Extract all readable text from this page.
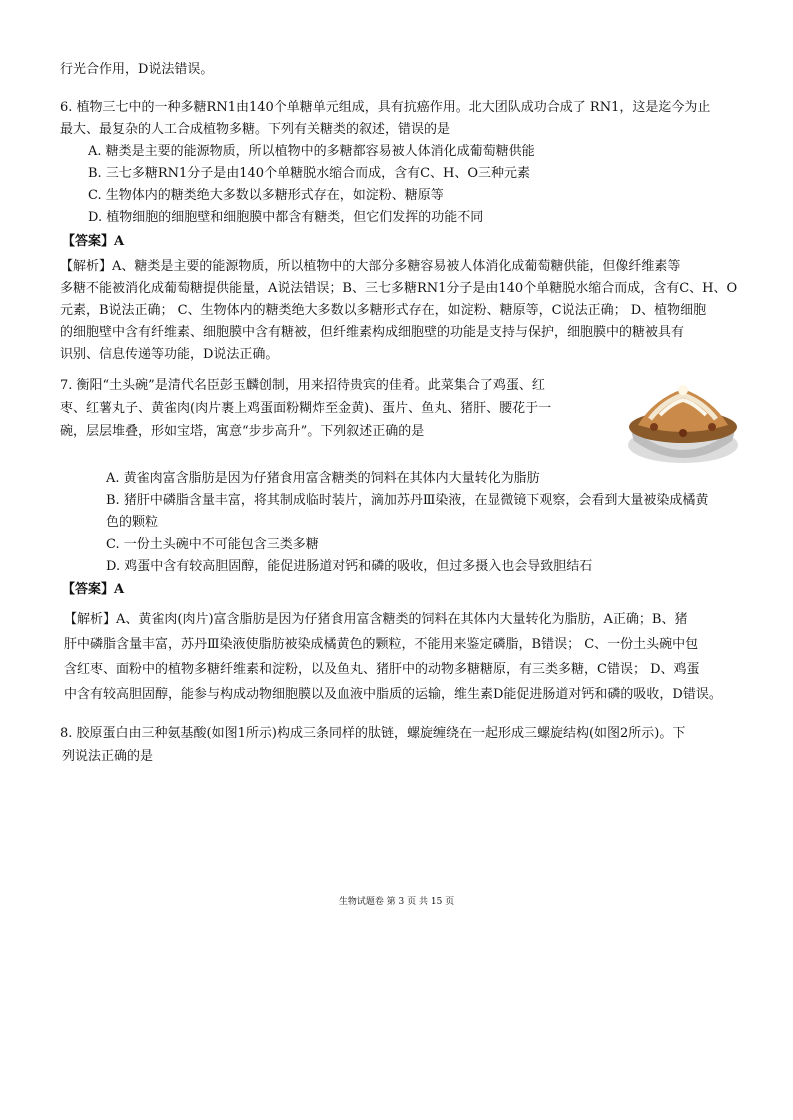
行光合作用，D说法错误。
6. 植物三七中的一种多糖RN1由140个单糖单元组成，具有抗癌作用。北大团队成功合成了 RN1，这是迄今为止
最大、最复杂的人工合成植物多糖。下列有关糖类的叙述，错误的是
A. 糖类是主要的能源物质，所以植物中的多糖都容易被人体消化成葡萄糖供能
B. 三七多糖RN1分子是由140个单糖脱水缩合而成，含有C、H、O三种元素
C. 生物体内的糖类绝大多数以多糖形式存在，如淀粉、糖原等
D. 植物细胞的细胞壁和细胞膜中都含有糖类，但它们发挥的功能不同
【答案】A
【解析】A、糖类是主要的能源物质，所以植物中的大部分多糖容易被人体消化成葡萄糖供能，但像纤维素等
多糖不能被消化成葡萄糖提供能量，A说法错误；B、三七多糖RN1分子是由140个单糖脱水缩合而成，含有C、H、O
元素，B说法正确； C、生物体内的糖类绝大多数以多糖形式存在，如淀粉、糖原等，C说法正确； D、植物细胞
的细胞壁中含有纤维素、细胞膜中含有糖被，但纤维素构成细胞壁的功能是支持与保护，细胞膜中的糖被具有
识别、信息传递等功能，D说法正确。
7. 衡阳“土头碗”是清代名臣彭玉麟创制，用来招待贵宾的佳肴。此菜集合了鸡蛋、红
枣、红薯丸子、黄雀肉(肉片裹上鸡蛋面粉糊炸至金黄)、蛋片、鱼丸、猪肝、腰花于一
碗，层层堆叠，形如宝塔，寓意“步步高升”。下列叙述正确的是
A. 黄雀肉富含脂肪是因为仔猪食用富含糖类的饲料在其体内大量转化为脂肪
B. 猪肝中磷脂含量丰富，将其制成临时装片，滴加苏丹Ⅲ染液，在显微镜下观察，会看到大量被染成橘黄
色的颗粒
C. 一份土头碗中不可能包含三类多糖
D. 鸡蛋中含有较高胆固醇，能促进肠道对钙和磷的吸收，但过多摄入也会导致胆结石
【答案】A
【解析】A、黄雀肉(肉片)富含脂肪是因为仔猪食用富含糖类的饲料在其体内大量转化为脂肪，A正确；B、猪
肝中磷脂含量丰富，苏丹Ⅲ染液使脂肪被染成橘黄色的颗粒，不能用来鉴定磷脂，B错误； C、一份土头碗中包
含红枣、面粉中的植物多糖纤维素和淀粉，以及鱼丸、猪肝中的动物多糖糖原，有三类多糖，C错误； D、鸡蛋
中含有较高胆固醇，能参与构成动物细胞膜以及血液中脂质的运输，维生素D能促进肠道对钙和磷的吸收，D错误。
8. 胶原蛋白由三种氨基酸(如图1所示)构成三条同样的肽链，螺旋缠绕在一起形成三螺旋结构(如图2所示)。下
列说法正确的是
生物试题卷 第 3 页 共 15 页
